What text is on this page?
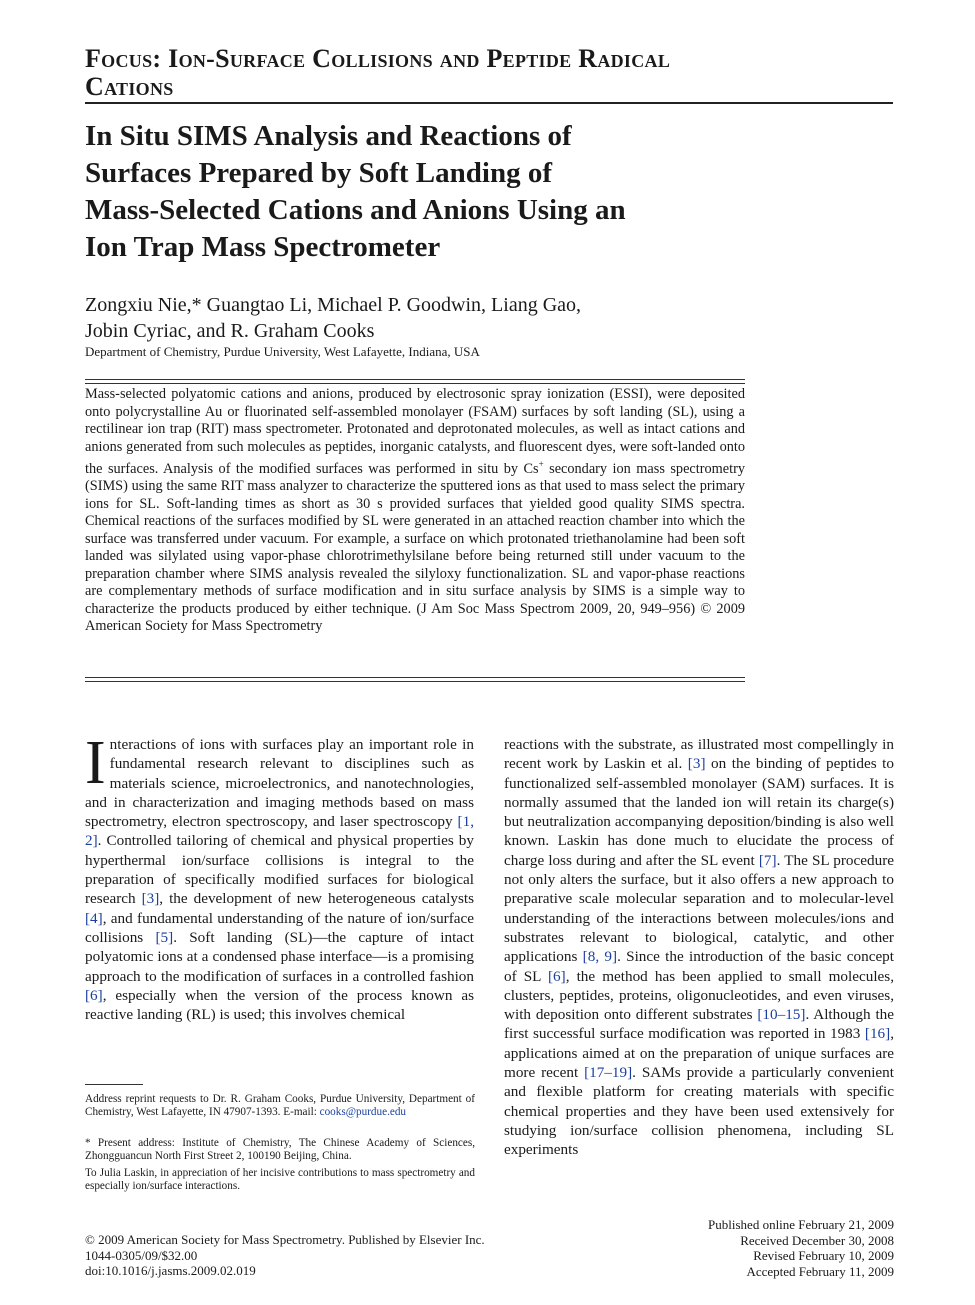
Focus: Ion-Surface Collisions and Peptide Radical
Cations
In Situ SIMS Analysis and Reactions of
Surfaces Prepared by Soft Landing of
Mass-Selected Cations and Anions Using an
Ion Trap Mass Spectrometer
Zongxiu Nie,* Guangtao Li, Michael P. Goodwin, Liang Gao,
Jobin Cyriac, and R. Graham Cooks
Department of Chemistry, Purdue University, West Lafayette, Indiana, USA
Mass-selected polyatomic cations and anions, produced by electrosonic spray ionization (ESSI), were deposited onto polycrystalline Au or fluorinated self-assembled monolayer (FSAM) surfaces by soft landing (SL), using a rectilinear ion trap (RIT) mass spectrometer. Protonated and deprotonated molecules, as well as intact cations and anions generated from such molecules as peptides, inorganic catalysts, and fluorescent dyes, were soft-landed onto the surfaces. Analysis of the modified surfaces was performed in situ by Cs+ secondary ion mass spectrometry (SIMS) using the same RIT mass analyzer to characterize the sputtered ions as that used to mass select the primary ions for SL. Soft-landing times as short as 30 s provided surfaces that yielded good quality SIMS spectra. Chemical reactions of the surfaces modified by SL were generated in an attached reaction chamber into which the surface was transferred under vacuum. For example, a surface on which protonated triethanolamine had been soft landed was silylated using vapor-phase chlorotrimethylsilane before being returned still under vacuum to the preparation chamber where SIMS analysis revealed the silyloxy functionalization. SL and vapor-phase reactions are complementary methods of surface modification and in situ surface analysis by SIMS is a simple way to characterize the products produced by either technique. (J Am Soc Mass Spectrom 2009, 20, 949–956) © 2009 American Society for Mass Spectrometry
Interactions of ions with surfaces play an important role in fundamental research relevant to disciplines such as materials science, microelectronics, and nanotechnologies, and in characterization and imaging methods based on mass spectrometry, electron spectroscopy, and laser spectroscopy [1, 2]. Controlled tailoring of chemical and physical properties by hyperthermal ion/surface collisions is integral to the preparation of specifically modified surfaces for biological research [3], the development of new heterogeneous catalysts [4], and fundamental understanding of the nature of ion/surface collisions [5]. Soft landing (SL)—the capture of intact polyatomic ions at a condensed phase interface—is a promising approach to the modification of surfaces in a controlled fashion [6], especially when the version of the process known as reactive landing (RL) is used; this involves chemical
reactions with the substrate, as illustrated most compellingly in recent work by Laskin et al. [3] on the binding of peptides to functionalized self-assembled monolayer (SAM) surfaces. It is normally assumed that the landed ion will retain its charge(s) but neutralization accompanying deposition/binding is also well known. Laskin has done much to elucidate the process of charge loss during and after the SL event [7]. The SL procedure not only alters the surface, but it also offers a new approach to preparative scale molecular separation and to molecular-level understanding of the interactions between molecules/ions and substrates relevant to biological, catalytic, and other applications [8, 9]. Since the introduction of the basic concept of SL [6], the method has been applied to small molecules, clusters, peptides, proteins, oligonucleotides, and even viruses, with deposition onto different substrates [10–15]. Although the first successful surface modification was reported in 1983 [16], applications aimed at on the preparation of unique surfaces are more recent [17–19]. SAMs provide a particularly convenient and flexible platform for creating materials with specific chemical properties and they have been used extensively for studying ion/surface collision phenomena, including SL experiments
Address reprint requests to Dr. R. Graham Cooks, Purdue University, Department of Chemistry, West Lafayette, IN 47907-1393. E-mail: cooks@purdue.edu
* Present address: Institute of Chemistry, The Chinese Academy of Sciences, Zhongguancun North First Street 2, 100190 Beijing, China.
To Julia Laskin, in appreciation of her incisive contributions to mass spectrometry and especially ion/surface interactions.
© 2009 American Society for Mass Spectrometry. Published by Elsevier Inc.
1044-0305/09/$32.00
doi:10.1016/j.jasms.2009.02.019
Published online February 21, 2009
Received December 30, 2008
Revised February 10, 2009
Accepted February 11, 2009
